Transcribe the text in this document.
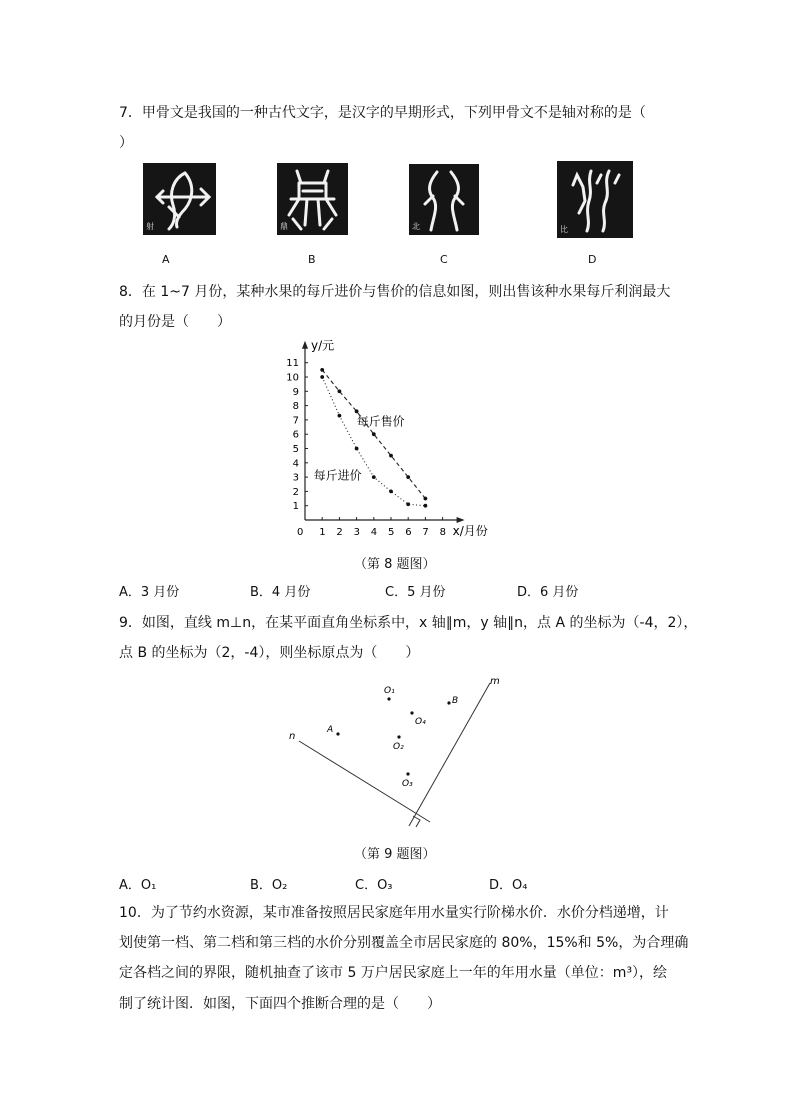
7．甲骨文是我国的一种古代文字，是汉字的早期形式，下列甲骨文不是轴对称的是（
）
射
A
鼎
B
北
C
比
D
8．在 1~7 月份，某种水果的每斤进价与售价的信息如图，则出售该种水果每斤利润最大
的月份是（　　）
0 1 2 3 4 5 6 7 8
1
2
3
4
5
6
7
8
9
10
11
y/元
x/月份
每斤售价
每斤进价
（第 8 题图）
A．3 月份	B．4 月份	C．5 月份	D．6 月份
9．如图，直线 m⊥n，在某平面直角坐标系中，x 轴∥m，y 轴∥n，点 A 的坐标为（-4，2），
点 B 的坐标为（2，-4），则坐标原点为（　　）
n
m
A
B
O₁
O₂
O₃
O₄
（第 9 题图）
A．O₁	B．O₂	C．O₃	D．O₄
10．为了节约水资源，某市准备按照居民家庭年用水量实行阶梯水价．水价分档递增，计
划使第一档、第二档和第三档的水价分别覆盖全市居民家庭的 80%，15%和 5%，为合理确
定各档之间的界限，随机抽查了该市 5 万户居民家庭上一年的年用水量（单位：m³），绘
制了统计图．如图，下面四个推断合理的是（　　）
